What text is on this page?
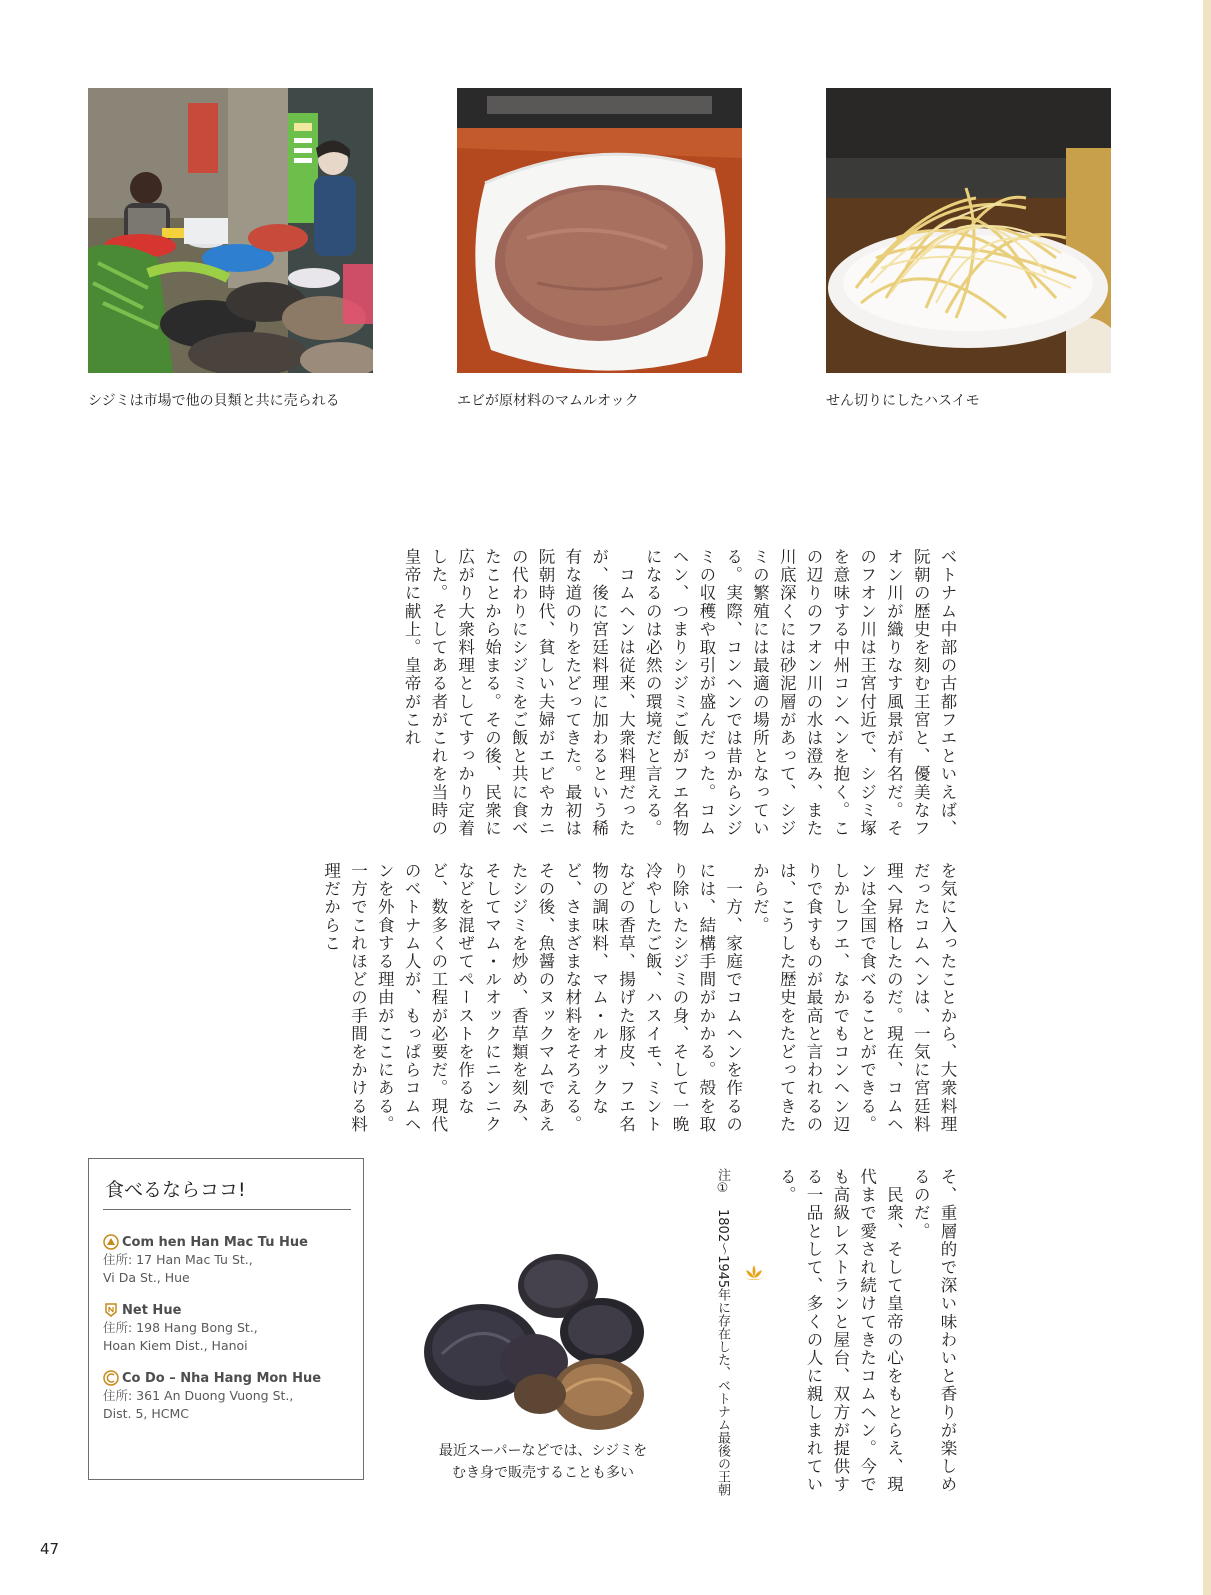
シジミは市場で他の貝類と共に売られる	エビが原材料のマムルオック	せん切りにしたハスイモ
ベトナム中部の古都フエといえば、阮朝の歴史を刻む王宮と、優美なフオン川が織りなす風景が有名だ。そのフオン川は王宮付近で、シジミ塚を意味する中州コンヘンを抱く。この辺りのフオン川の水は澄み、また川底深くには砂泥層があって、シジミの繁殖には最適の場所となっている。実際、コンヘンでは昔からシジミの収穫や取引が盛んだった。コムヘン、つまりシジミご飯がフエ名物になるのは必然の環境だと言える。
　コムヘンは従来、大衆料理だったが、後に宮廷料理に加わるという稀有な道のりをたどってきた。最初は阮朝時代、貧しい夫婦がエビやカニの代わりにシジミをご飯と共に食べたことから始まる。その後、民衆に広がり大衆料理としてすっかり定着した。そしてある者がこれを当時の皇帝に献上。皇帝がこれ
を気に入ったことから、大衆料理だったコムヘンは、一気に宮廷料理へ昇格したのだ。現在、コムヘンは全国で食べることができる。しかしフエ、なかでもコンヘン辺りで食すものが最高と言われるのは、こうした歴史をたどってきたからだ。
　一方、家庭でコムヘンを作るのには、結構手間がかかる。殻を取り除いたシジミの身、そして一晩冷やしたご飯、ハスイモ、ミントなどの香草、揚げた豚皮、フエ名物の調味料、マム・ルオックなど、さまざまな材料をそろえる。その後、魚醤のヌックマムであえたシジミを炒め、香草類を刻み、そしてマム・ルオックにニンニクなどを混ぜてペーストを作るなど、数多くの工程が必要だ。現代のベトナム人が、もっぱらコムヘンを外食する理由がここにある。一方でこれほどの手間をかける料理だからこ
そ、重層的で深い味わいと香りが楽しめるのだ。
　民衆、そして皇帝の心をもとらえ、現代まで愛され続けてきたコムヘン。今でも高級レストランと屋台、双方が提供する一品として、多くの人に親しまれている。
注①　1802〜1945年に存在した、ベトナム最後の王朝
食べるならココ!
Com hen Han Mac Tu Hue
住所: 17 Han Mac Tu St.,
Vi Da St., Hue
Net Hue
住所: 198 Hang Bong St.,
Hoan Kiem Dist., Hanoi
Co Do – Nha Hang Mon Hue
住所: 361 An Duong Vuong St.,
Dist. 5, HCMC
最近スーパーなどでは、シジミを
むき身で販売することも多い
47
